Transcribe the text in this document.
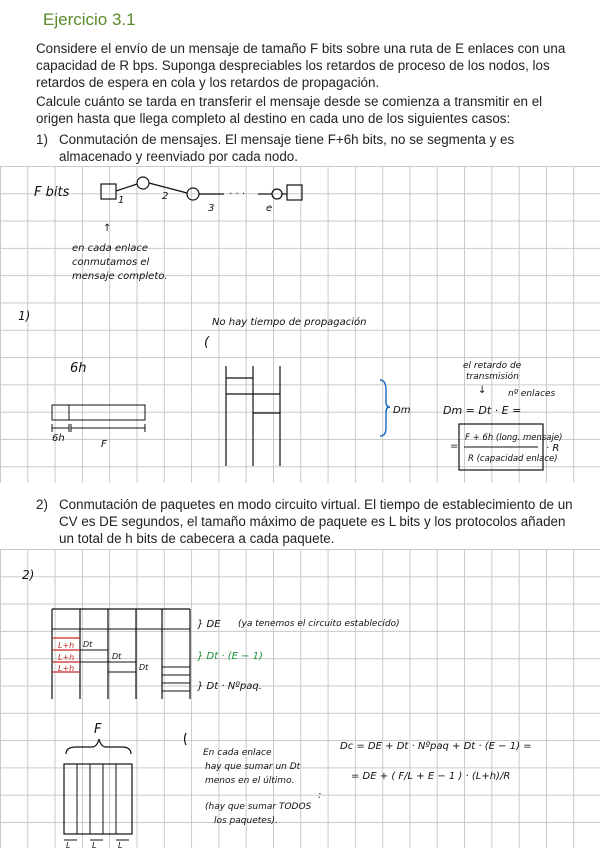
Ejercicio 3.1
Considere el envío de un mensaje de tamaño F bits sobre una ruta de E enlaces con una capacidad de R bps. Suponga despreciables los retardos de proceso de los nodos, los retardos de espera en cola y los retardos de propagación.
Calcule cuánto se tarda en transferir el mensaje desde se comienza a transmitir en el origen hasta que llega completo al destino en cada uno de los siguientes casos:
1) Conmutación de mensajes. El mensaje tiene F+6h bits, no se segmenta y es almacenado y reenviado por cada nodo.
F bits
1	2
3
· · ·
e
↑
en cada enlace
conmutamos el
mensaje completo.
1)	No hay tiempo de propagación
(
6h
6h
F
Dm
el retardo de
transmisión
↓ nº enlaces
Dm = Dt · E =
=
F + 6h (long. mensaje)
R (capacidad enlace)
· R
2) Conmutación de paquetes en modo circuito virtual. El tiempo de establecimiento de un CV es DE segundos, el tamaño máximo de paquete es L bits y los protocolos añaden un total de h bits de cabecera a cada paquete.
2)
} DE (ya tenemos el circuito establecido)
} Dt · (E − 1)
} Dt · Nºpaq.
L+h
L+h
L+h
Dt
Dt
Dt
F
L	L	L
En cada enlace
hay que sumar un Dt
menos en el último.
(hay que sumar TODOS
los paquetes).
Dc = DE + Dt · Nºpaq + Dt · (E − 1) =
= DE + ( F/L + E − 1 ) · (L+h)/R
:
